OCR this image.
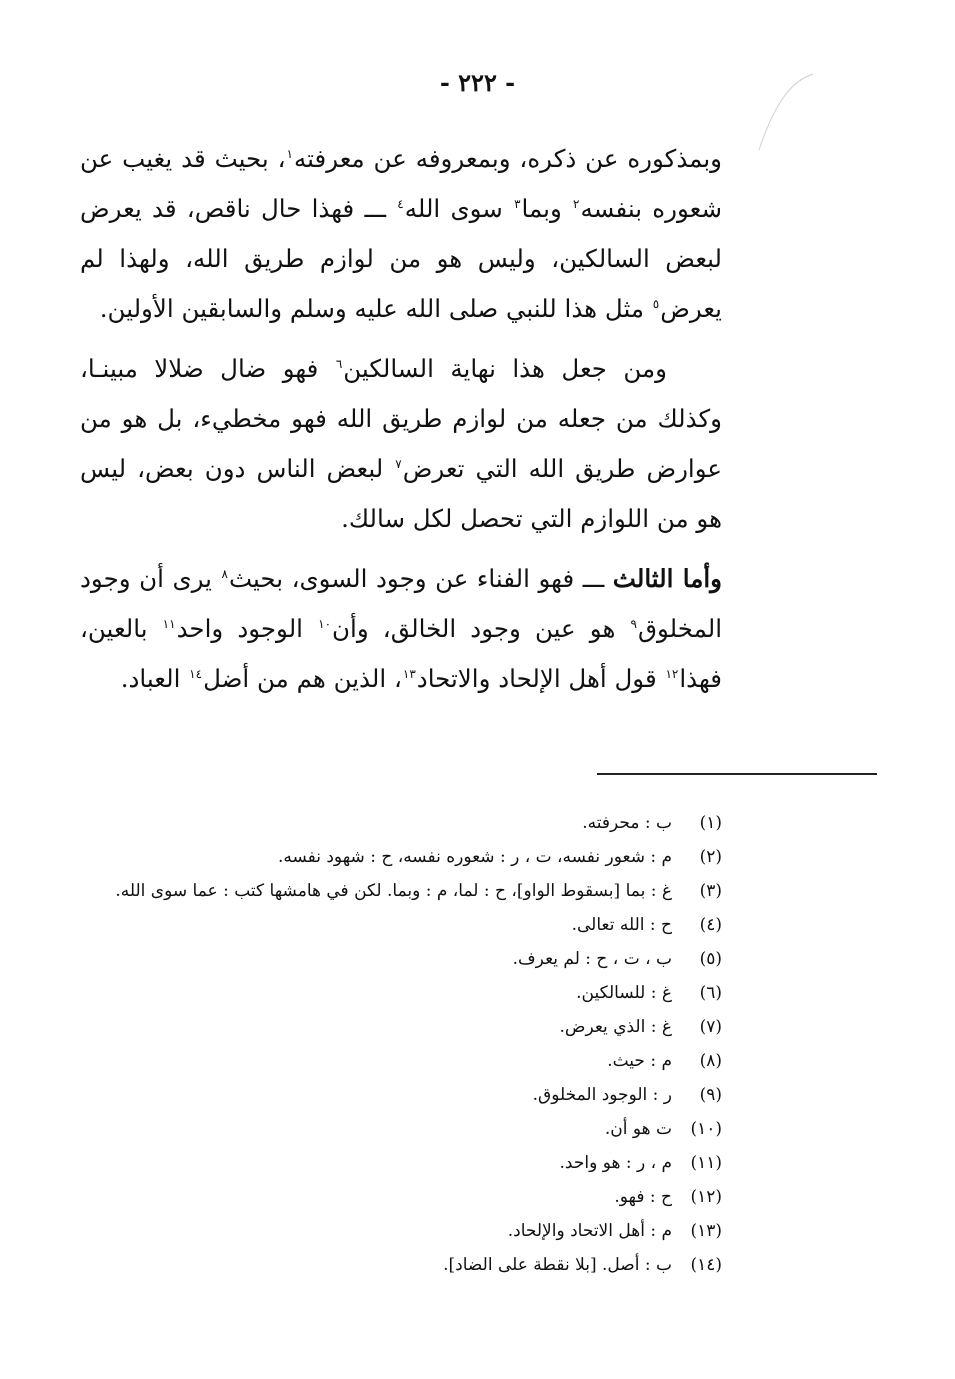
- ٢٢٢ -

وبمذكوره عن ذكره، وبمعروفه عن معرفته$^١$، بحيث قد يغيب عن شعوره بنفسه$^٢$ وبما$^٣$ سوى الله$^٤$ ـــ فهذا حال ناقص، قد يعرض لبعض السالكين، وليس هو من لوازم طريق الله، ولهذا لم يعرض$^٥$ مثل هذا للنبي صلى الله عليه وسلم والسابقين الأولين.

ومن جعل هذا نهاية السالكين$^٦$ فهو ضال ضلالا مبينـا، وكذلك من جعله من لوازم طريق الله فهو مخطيء، بل هو من عوارض طريق الله التي تعرض$^٧$ لبعض الناس دون بعض، ليس هو من اللوازم التي تحصل لكل سالك.

وأما الثالث ـــ فهو الفناء عن وجود السوى، بحيث$^٨$ يرى أن وجود المخلوق$^٩$ هو عين وجود الخالق، وأن$^{١٠}$ الوجود واحد$^{١١}$ بالعين، فهذا$^{١٢}$ قول أهل الإلحاد والاتحاد$^{١٣}$، الذين هم من أضل$^{١٤}$ العباد.

(١)
ب : محرفته.
(٢)
م : شعور نفسه، ت ، ر : شعوره نفسه، ح : شهود نفسه.
(٣)
غ : بما [بسقوط الواو]، ح : لما، م : وبما. لكن في هامشها كتب : عما سوى الله.
(٤)
ح : الله تعالى.
(٥)
ب ، ت ، ح : لم يعرف.
(٦)
غ : للسالكين.
(٧)
غ : الذي يعرض.
(٨)
م : حيث.
(٩)
ر : الوجود المخلوق.
(١٠)
ت هو أن.
(١١)
م ، ر : هو واحد.
(١٢)
ح : فهو.
(١٣)
م : أهل الاتحاد والإلحاد.
(١٤)
ب : أصل. [بلا نقطة على الضاد].
